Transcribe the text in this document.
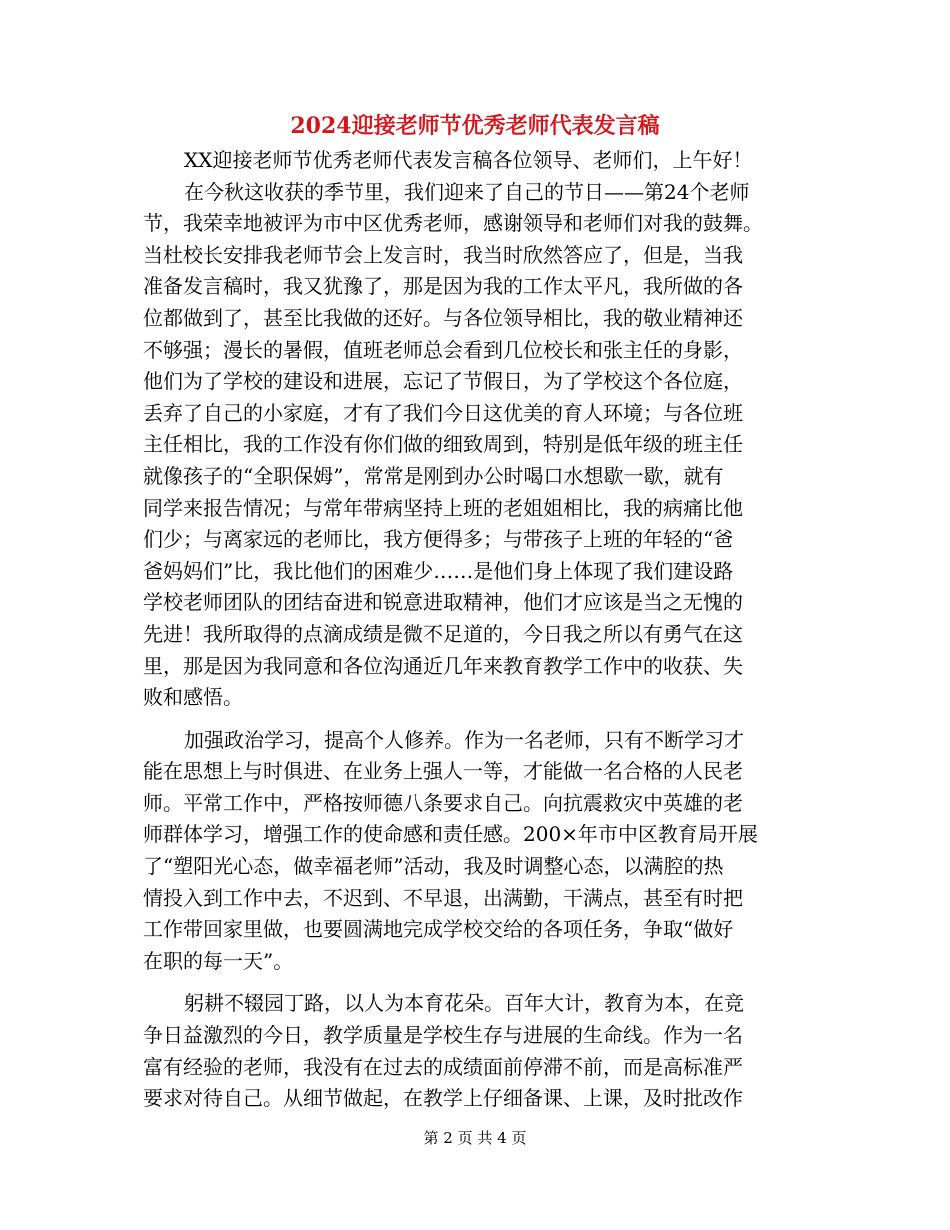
2024迎接老师节优秀老师代表发言稿
XX迎接老师节优秀老师代表发言稿各位领导、老师们，上午好！
在今秋这收获的季节里，我们迎来了自己的节日——第24个老师
节，我荣幸地被评为市中区优秀老师，感谢领导和老师们对我的鼓舞。
当杜校长安排我老师节会上发言时，我当时欣然答应了，但是，当我
准备发言稿时，我又犹豫了，那是因为我的工作太平凡，我所做的各
位都做到了，甚至比我做的还好。与各位领导相比，我的敬业精神还
不够强；漫长的暑假，值班老师总会看到几位校长和张主任的身影，
他们为了学校的建设和进展，忘记了节假日，为了学校这个各位庭，
丢弃了自己的小家庭，才有了我们今日这优美的育人环境；与各位班
主任相比，我的工作没有你们做的细致周到，特别是低年级的班主任
就像孩子的“全职保姆”，常常是刚到办公时喝口水想歇一歇，就有
同学来报告情况；与常年带病坚持上班的老姐姐相比，我的病痛比他
们少；与离家远的老师比，我方便得多；与带孩子上班的年轻的“爸
爸妈妈们”比，我比他们的困难少……是他们身上体现了我们建设路
学校老师团队的团结奋进和锐意进取精神，他们才应该是当之无愧的
先进！我所取得的点滴成绩是微不足道的，今日我之所以有勇气在这
里，那是因为我同意和各位沟通近几年来教育教学工作中的收获、失
败和感悟。
加强政治学习，提高个人修养。作为一名老师，只有不断学习才
能在思想上与时俱进、在业务上强人一等，才能做一名合格的人民老
师。平常工作中，严格按师德八条要求自己。向抗震救灾中英雄的老
师群体学习，增强工作的使命感和责任感。200×年市中区教育局开展
了“塑阳光心态，做幸福老师”活动，我及时调整心态，以满腔的热
情投入到工作中去，不迟到、不早退，出满勤，干满点，甚至有时把
工作带回家里做，也要圆满地完成学校交给的各项任务，争取“做好
在职的每一天”。
躬耕不辍园丁路，以人为本育花朵。百年大计，教育为本，在竞
争日益激烈的今日，教学质量是学校生存与进展的生命线。作为一名
富有经验的老师，我没有在过去的成绩面前停滞不前，而是高标准严
要求对待自己。从细节做起，在教学上仔细备课、上课，及时批改作
第 2 页 共 4 页
